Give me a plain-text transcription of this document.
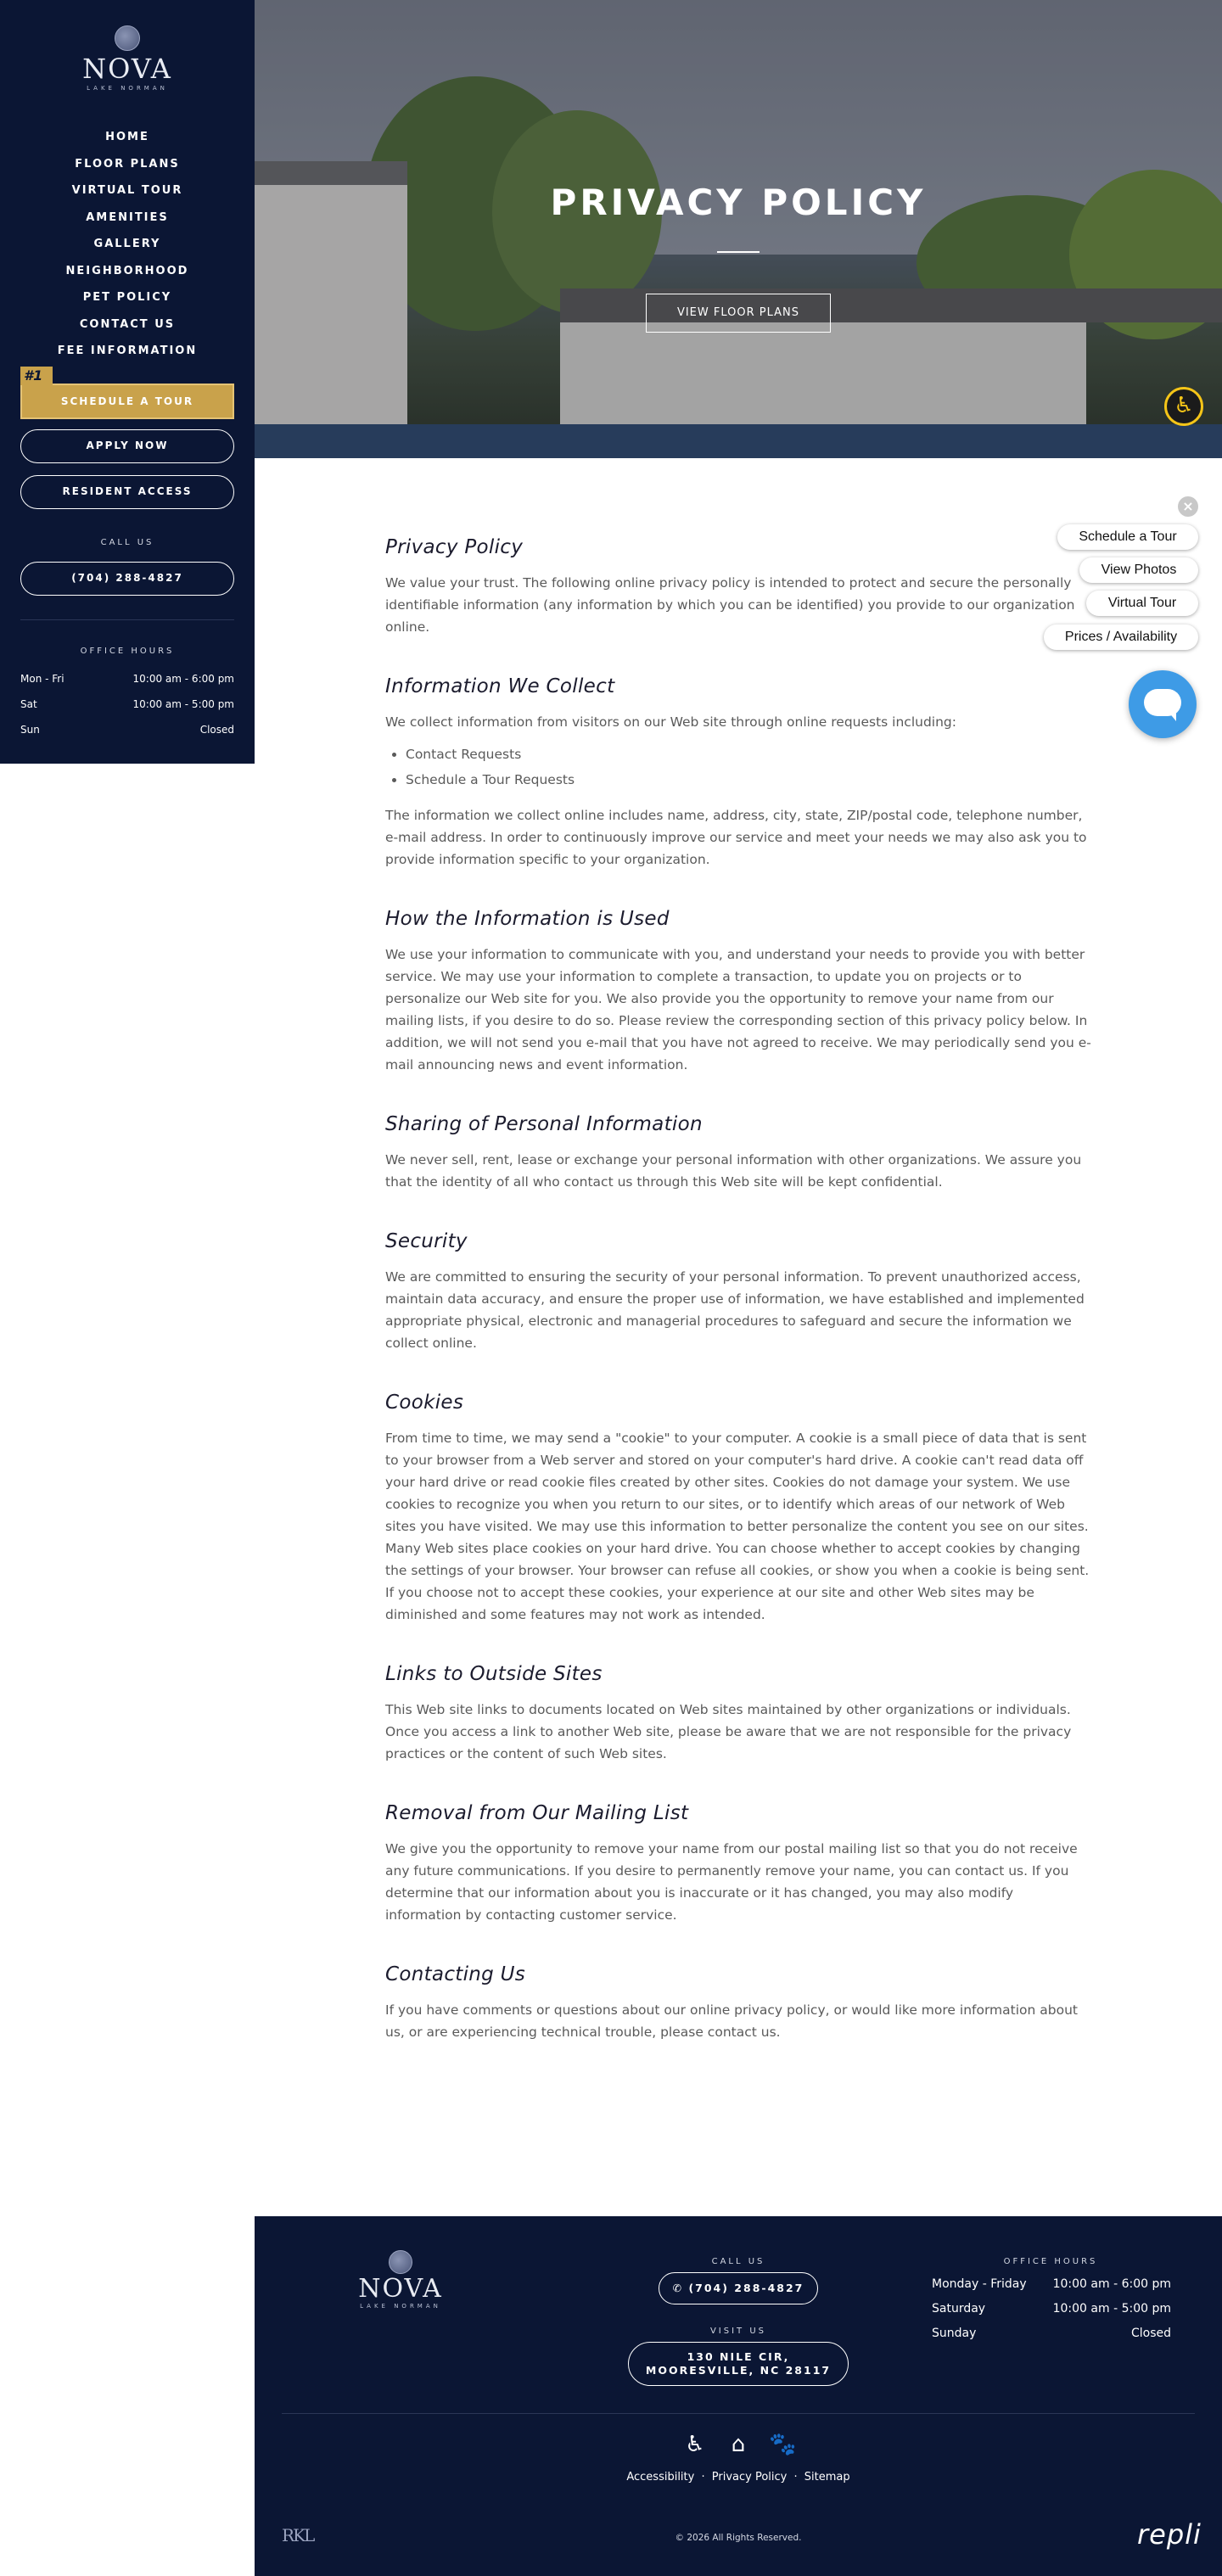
NOVA
LAKE NORMAN
HOME
FLOOR PLANS
VIRTUAL TOUR
AMENITIES
GALLERY
NEIGHBORHOOD
PET POLICY
CONTACT US
FEE INFORMATION
SCHEDULE A TOUR
#1
APPLY NOW
RESIDENT ACCESS
CALL US
(704) 288-4827
OFFICE HOURS
Mon - Fri	10:00 am - 6:00 pm
Sat	10:00 am - 5:00 pm
Sun	Closed
PRIVACY POLICY
VIEW FLOOR PLANS
♿
Privacy Policy

We value your trust. The following online privacy policy is intended to protect and secure the personally identifiable information (any information by which you can be identified) you provide to our organization online.

Information We Collect

We collect information from visitors on our Web site through online requests including:

• Contact Requests
• Schedule a Tour Requests

The information we collect online includes name, address, city, state, ZIP/postal code, telephone number, e-mail address. In order to continuously improve our service and meet your needs we may also ask you to provide information specific to your organization.

How the Information is Used

We use your information to communicate with you, and understand your needs to provide you with better service. We may use your information to complete a transaction, to update you on projects or to personalize our Web site for you. We also provide you the opportunity to remove your name from our mailing lists, if you desire to do so. Please review the corresponding section of this privacy policy below. In addition, we will not send you e-mail that you have not agreed to receive. We may periodically send you e-mail announcing news and event information.

Sharing of Personal Information

We never sell, rent, lease or exchange your personal information with other organizations. We assure you that the identity of all who contact us through this Web site will be kept confidential.

Security

We are committed to ensuring the security of your personal information. To prevent unauthorized access, maintain data accuracy, and ensure the proper use of information, we have established and implemented appropriate physical, electronic and managerial procedures to safeguard and secure the information we collect online.

Cookies

From time to time, we may send a "cookie" to your computer. A cookie is a small piece of data that is sent to your browser from a Web server and stored on your computer's hard drive. A cookie can't read data off your hard drive or read cookie files created by other sites. Cookies do not damage your system. We use cookies to recognize you when you return to our sites, or to identify which areas of our network of Web sites you have visited. We may use this information to better personalize the content you see on our sites. Many Web sites place cookies on your hard drive. You can choose whether to accept cookies by changing the settings of your browser. Your browser can refuse all cookies, or show you when a cookie is being sent. If you choose not to accept these cookies, your experience at our site and other Web sites may be diminished and some features may not work as intended.

Links to Outside Sites

This Web site links to documents located on Web sites maintained by other organizations or individuals. Once you access a link to another Web site, please be aware that we are not responsible for the privacy practices or the content of such Web sites.

Removal from Our Mailing List

We give you the opportunity to remove your name from our postal mailing list so that you do not receive any future communications. If you desire to permanently remove your name, you can contact us. If you determine that our information about you is inaccurate or it has changed, you may also modify information by contacting customer service.

Contacting Us

If you have comments or questions about our online privacy policy, or would like more information about us, or are experiencing technical trouble, please contact us.

×
Schedule a Tour
View Photos
Virtual Tour
Prices / Availability
NOVA
LAKE NORMAN
CALL US
✆ (704) 288-4827
VISIT US
130 NILE CIR,
MOORESVILLE, NC 28117
OFFICE HOURS
Monday - Friday 10:00 am - 6:00 pm
Saturday	10:00 am - 5:00 pm
Sunday	Closed
♿ ⌂ 🐾
Accessibility · Privacy Policy · Sitemap
RKL	© 2026 All Rights Reserved.	repli
